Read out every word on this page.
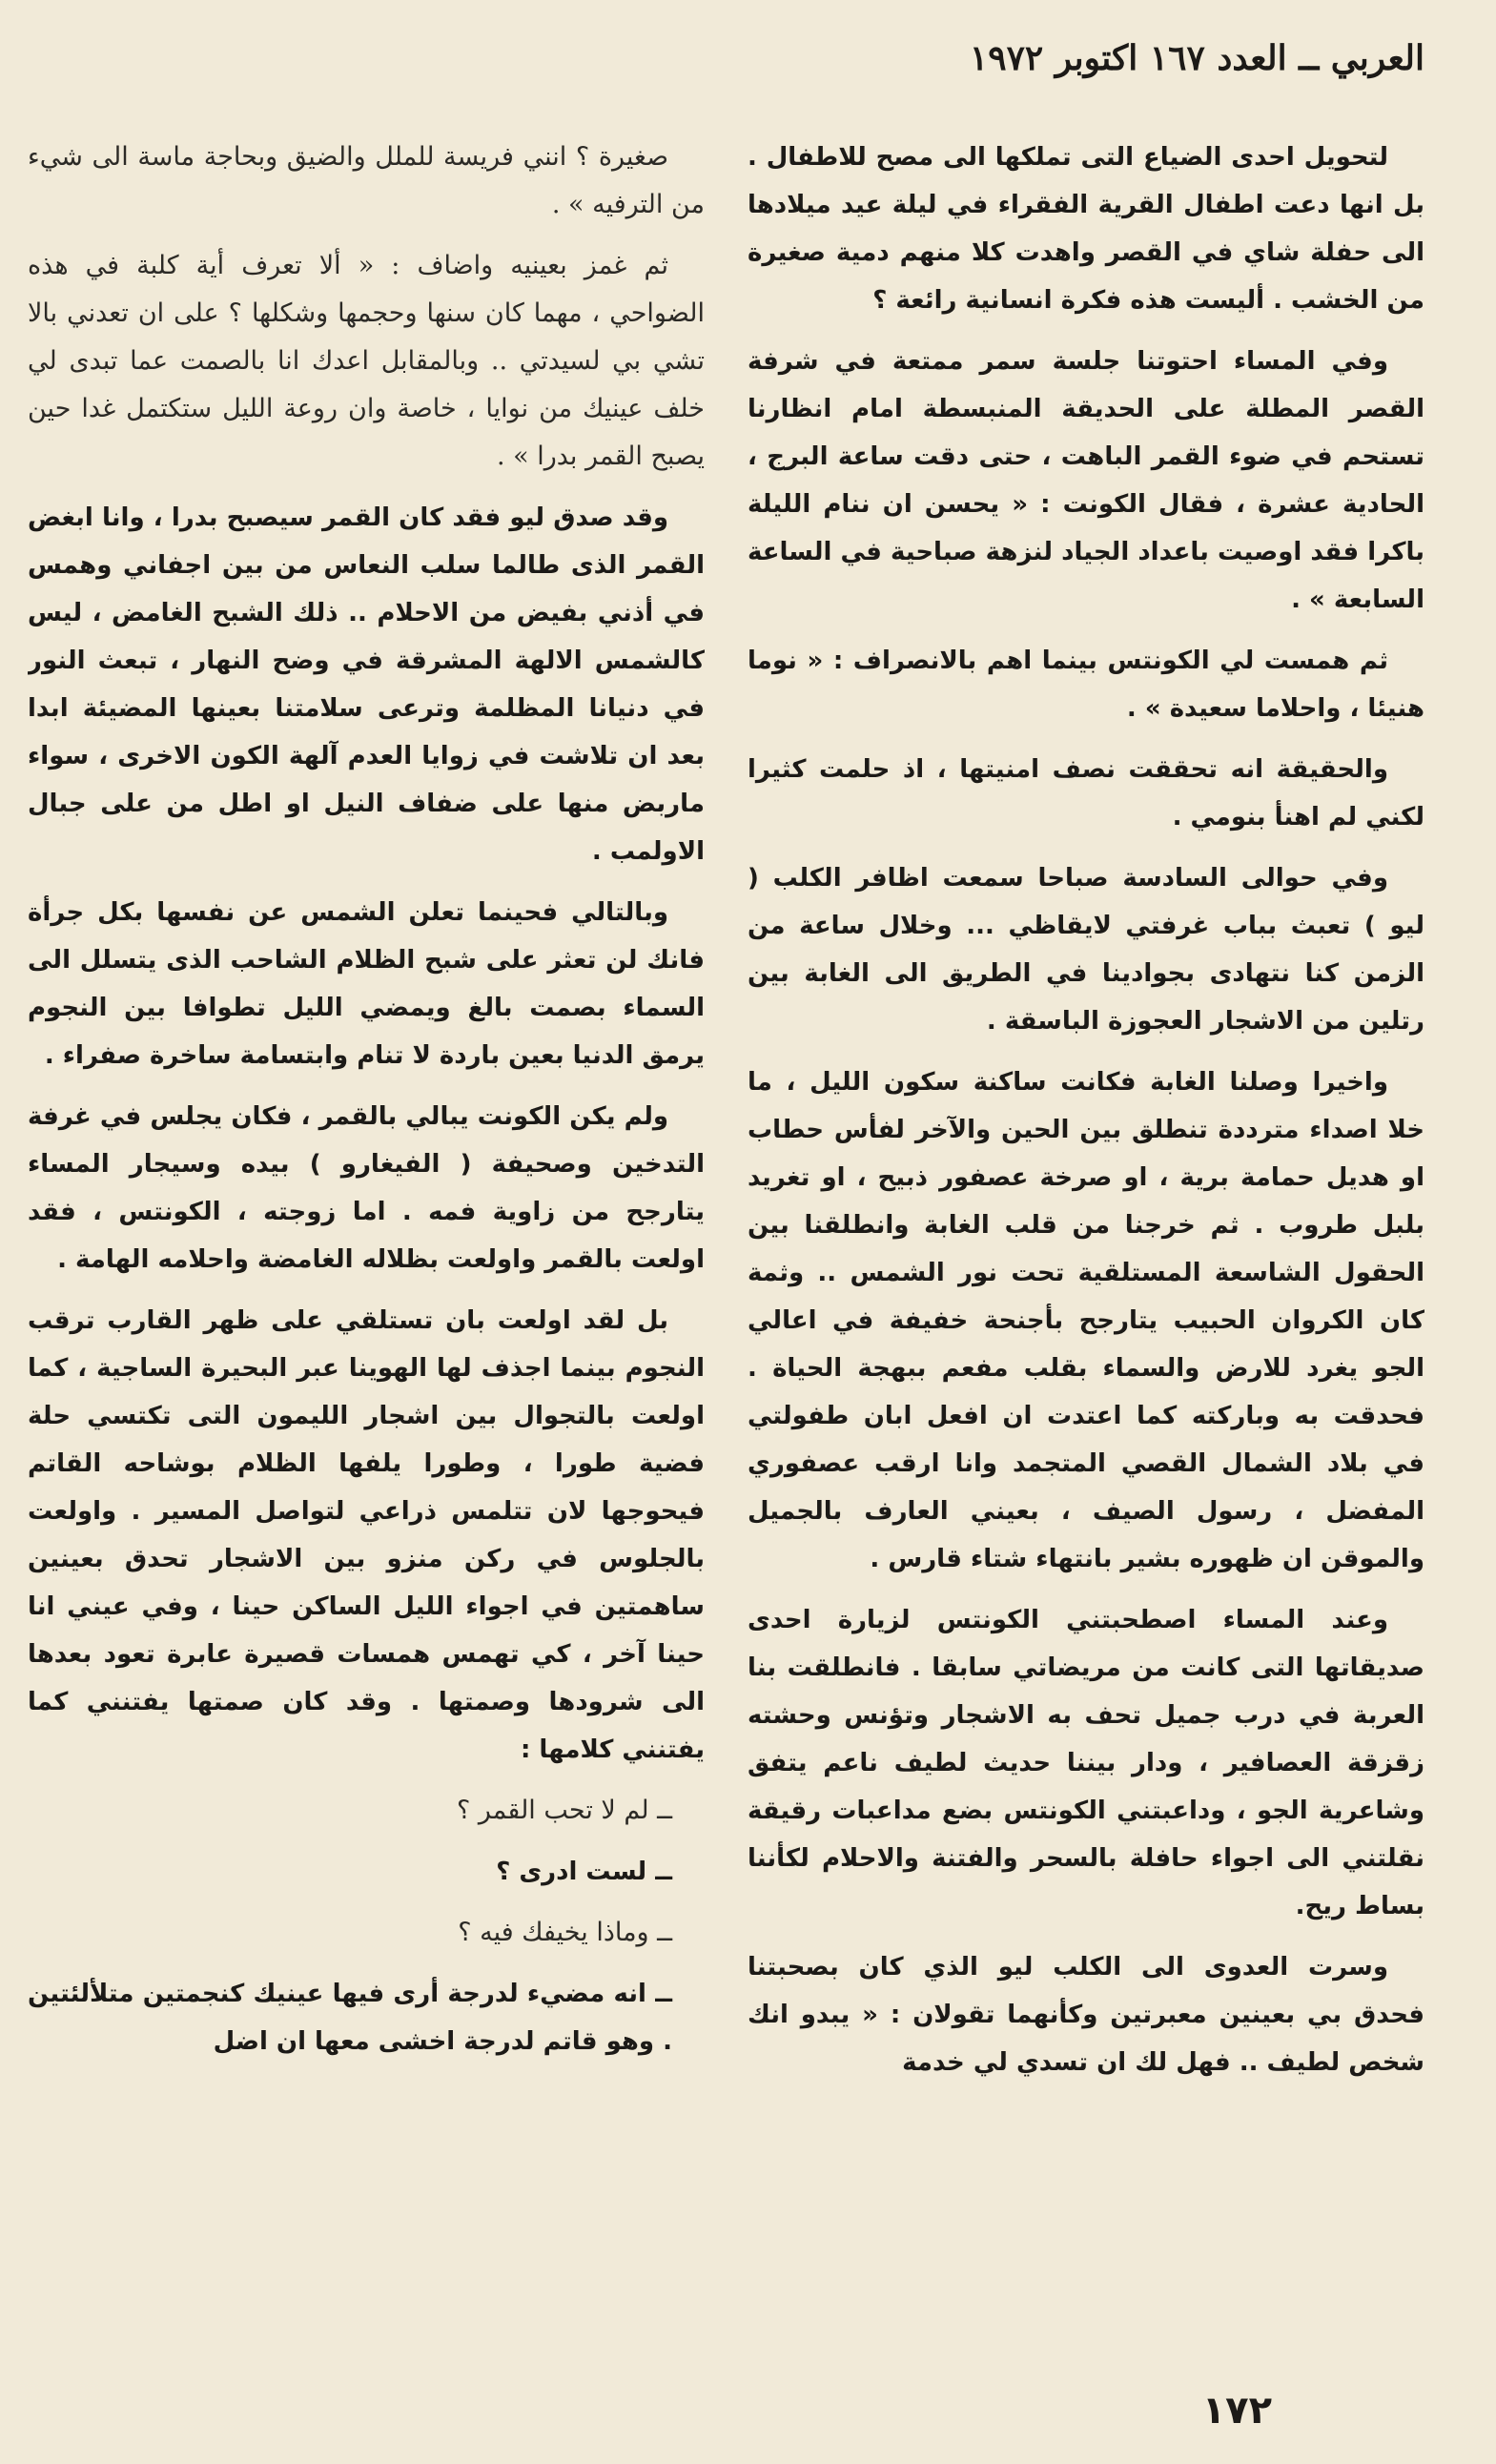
العربي ــ العدد ١٦٧ اكتوبر ١٩٧٢

لتحويل احدى الضياع التى تملكها الى مصح للاطفال . بل انها دعت اطفال القرية الفقراء في ليلة عيد ميلادها الى حفلة شاي في القصر واهدت كلا منهم دمية صغيرة من الخشب . أليست هذه فكرة انسانية رائعة ؟

وفي المساء احتوتنا جلسة سمر ممتعة في شرفة القصر المطلة على الحديقة المنبسطة امام انظارنا تستحم في ضوء القمر الباهت ، حتى دقت ساعة البرج ، الحادية عشرة ، فقال الكونت : « يحسن ان ننام الليلة باكرا فقد اوصيت باعداد الجياد لنزهة صباحية في الساعة السابعة » .

ثم همست لي الكونتس بينما اهم بالانصراف : « نوما هنيئا ، واحلاما سعيدة » .

والحقيقة انه تحققت نصف امنيتها ، اذ حلمت كثيرا لكني لم اهنأ بنومي .

وفي حوالى السادسة صباحا سمعت اظافر الكلب ( ليو ) تعبث بباب غرفتي لايقاظي ... وخلال ساعة من الزمن كنا نتهادى بجوادينا في الطريق الى الغابة بين رتلين من الاشجار العجوزة الباسقة .

واخيرا وصلنا الغابة فكانت ساكنة سكون الليل ، ما خلا اصداء مترددة تنطلق بين الحين والآخر لفأس حطاب او هديل حمامة برية ، او صرخة عصفور ذبيح ، او تغريد بلبل طروب . ثم خرجنا من قلب الغابة وانطلقنا بين الحقول الشاسعة المستلقية تحت نور الشمس .. وثمة كان الكروان الحبيب يتارجح بأجنحة خفيفة في اعالي الجو يغرد للارض والسماء بقلب مفعم ببهجة الحياة . فحدقت به وباركته كما اعتدت ان افعل ابان طفولتي في بلاد الشمال القصي المتجمد وانا ارقب عصفوري المفضل ، رسول الصيف ، بعيني العارف بالجميل والموقن ان ظهوره بشير بانتهاء شتاء قارس .

وعند المساء اصطحبتني الكونتس لزيارة احدى صديقاتها التى كانت من مريضاتي سابقا . فانطلقت بنا العربة في درب جميل تحف به الاشجار وتؤنس وحشته زقزقة العصافير ، ودار بيننا حديث لطيف ناعم يتفق وشاعرية الجو ، وداعبتني الكونتس بضع مداعبات رقيقة نقلتني الى اجواء حافلة بالسحر والفتنة والاحلام لكأننا بساط ريح.

وسرت العدوى الى الكلب ليو الذي كان بصحبتنا فحدق بي بعينين معبرتين وكأنهما تقولان : « يبدو انك شخص لطيف .. فهل لك ان تسدي لي خدمة

صغيرة ؟ انني فريسة للملل والضيق وبحاجة ماسة الى شيء من الترفيه » .

ثم غمز بعينيه واضاف : « ألا تعرف أية كلبة في هذه الضواحي ، مهما كان سنها وحجمها وشكلها ؟ على ان تعدني بالا تشي بي لسيدتي .. وبالمقابل اعدك انا بالصمت عما تبدى لي خلف عينيك من نوايا ، خاصة وان روعة الليل ستكتمل غدا حين يصبح القمر بدرا » .

وقد صدق ليو فقد كان القمر سيصبح بدرا ، وانا ابغض القمر الذى طالما سلب النعاس من بين اجفاني وهمس في أذني بفيض من الاحلام .. ذلك الشبح الغامض ، ليس كالشمس الالهة المشرقة في وضح النهار ، تبعث النور في دنيانا المظلمة وترعى سلامتنا بعينها المضيئة ابدا بعد ان تلاشت في زوايا العدم آلهة الكون الاخرى ، سواء ماربض منها على ضفاف النيل او اطل من على جبال الاولمب .

وبالتالي فحينما تعلن الشمس عن نفسها بكل جرأة فانك لن تعثر على شبح الظلام الشاحب الذى يتسلل الى السماء بصمت بالغ ويمضي الليل تطوافا بين النجوم يرمق الدنيا بعين باردة لا تنام وابتسامة ساخرة صفراء .

ولم يكن الكونت يبالي بالقمر ، فكان يجلس في غرفة التدخين وصحيفة ( الفيغارو ) بيده وسيجار المساء يتارجح من زاوية فمه . اما زوجته ، الكونتس ، فقد اولعت بالقمر واولعت بظلاله الغامضة واحلامه الهامة .

بل لقد اولعت بان تستلقي على ظهر القارب ترقب النجوم بينما اجذف لها الهوينا عبر البحيرة الساجية ، كما اولعت بالتجوال بين اشجار الليمون التى تكتسي حلة فضية طورا ، وطورا يلفها الظلام بوشاحه القاتم فيحوجها لان تتلمس ذراعي لتواصل المسير . واولعت بالجلوس في ركن منزو بين الاشجار تحدق بعينين ساهمتين في اجواء الليل الساكن حينا ، وفي عيني انا حينا آخر ، كي تهمس همسات قصيرة عابرة تعود بعدها الى شرودها وصمتها . وقد كان صمتها يفتنني كما يفتنني كلامها :

ــ لم لا تحب القمر ؟

ــ لست ادرى ؟

ــ وماذا يخيفك فيه ؟

ــ انه مضيء لدرجة أرى فيها عينيك كنجمتين متلألئتين . وهو قاتم لدرجة اخشى معها ان اضل

١٧٢
